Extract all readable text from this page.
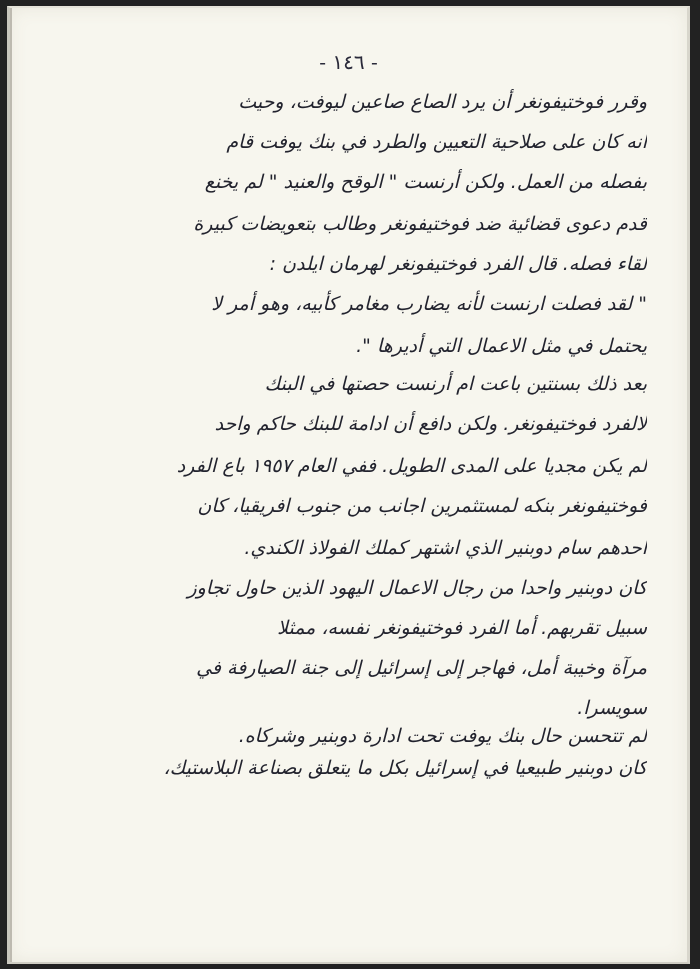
- ١٤٦ -
وقرر فوختيفونغر أن يرد الصاع صاعين ليوفت، وحيث
انه كان على صلاحية التعيين والطرد في بنك يوفت قام
بفصله من العمل. ولكن أرنست " الوقح والعنيد " لم يخنع
قدم دعوى قضائية ضد فوختيفونغر وطالب بتعويضات كبيرة
لقاء فصله. قال الفرد فوختيفونغر لهرمان ايلدن :
" لقد فصلت ارنست لأنه يضارب مغامر كأبيه، وهو أمر لا
يحتمل في مثل الاعمال التي أديرها ".
بعد ذلك بسنتين باعت ام أرنست حصتها في البنك
لالفرد فوختيفونغر. ولكن دافع أن ادامة للبنك حاكم واحد
لم يكن مجديا على المدى الطويل. ففي العام ١٩٥٧ باع الفرد
فوختيفونغر بنكه لمستثمرين اجانب من جنوب افريقيا، كان
احدهم سام دوبنير الذي اشتهر كملك الفولاذ الكندي.
كان دوبنير واحدا من رجال الاعمال اليهود الذين حاول تجاوز
سبيل تقربهم. أما الفرد فوختيفونغر نفسه، ممثلا
مرآة وخيبة أمل، فهاجر إلى إسرائيل إلى جنة الصيارفة في
سويسرا.
لم تتحسن حال بنك يوفت تحت ادارة دوبنير وشركاه.
كان دوبنير طبيعيا في إسرائيل بكل ما يتعلق بصناعة البلاستيك،
